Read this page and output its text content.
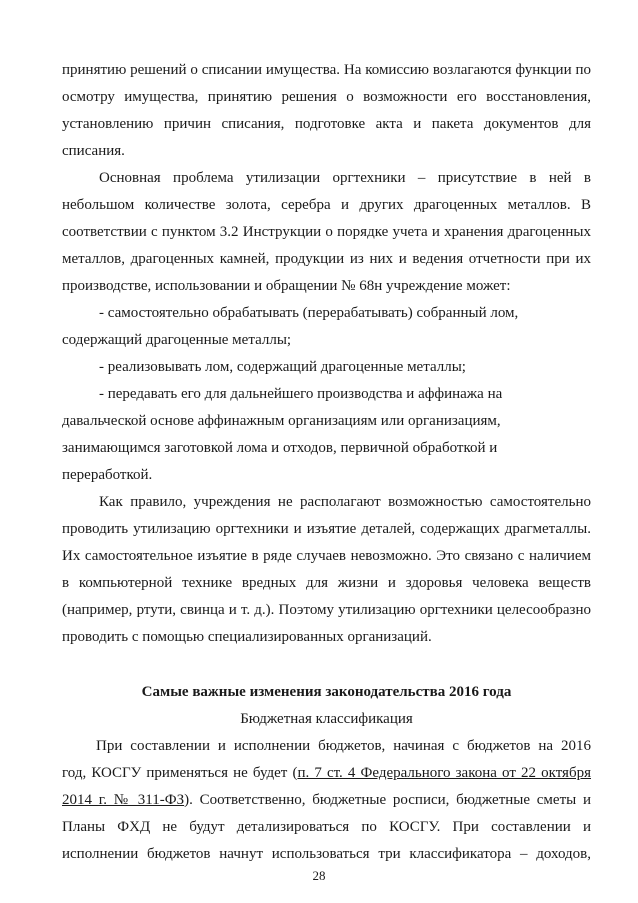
принятию решений о списании имущества. На комиссию возлагаются функции по
осмотру имущества, принятию решения о возможности его восстановления,
установлению причин списания, подготовке акта и пакета документов для
списания.
Основная проблема утилизации оргтехники – присутствие в ней в
небольшом количестве золота, серебра и других драгоценных металлов. В
соответствии с пунктом 3.2 Инструкции о порядке учета и хранения драгоценных
металлов, драгоценных камней, продукции из них и ведения отчетности при их
производстве, использовании и обращении № 68н учреждение может:
- самостоятельно обрабатывать (перерабатывать) собранный лом,
содержащий драгоценные металлы;
- реализовывать лом, содержащий драгоценные металлы;
- передавать его для дальнейшего производства и аффинажа на
давальческой основе аффинажным организациям или организациям,
занимающимся заготовкой лома и отходов, первичной обработкой и
переработкой.
Как правило, учреждения не располагают возможностью самостоятельно
проводить утилизацию оргтехники и изъятие деталей, содержащих драгметаллы.
Их самостоятельное изъятие в ряде случаев невозможно. Это связано с наличием
в компьютерной технике вредных для жизни и здоровья человека веществ
(например, ртути, свинца и т. д.). Поэтому утилизацию оргтехники целесообразно
проводить с помощью специализированных организаций.
Самые важные изменения законодательства 2016 года
Бюджетная классификация
При составлении и исполнении бюджетов, начиная с бюджетов на 2016
год, КОСГУ применяться не будет (п. 7 ст. 4 Федерального закона от 22 октября
2014 г. № 311-ФЗ). Соответственно, бюджетные росписи, бюджетные сметы и
Планы ФХД не будут детализироваться по КОСГУ. При составлении и
исполнении бюджетов начнут использоваться три классификатора – доходов,
28
